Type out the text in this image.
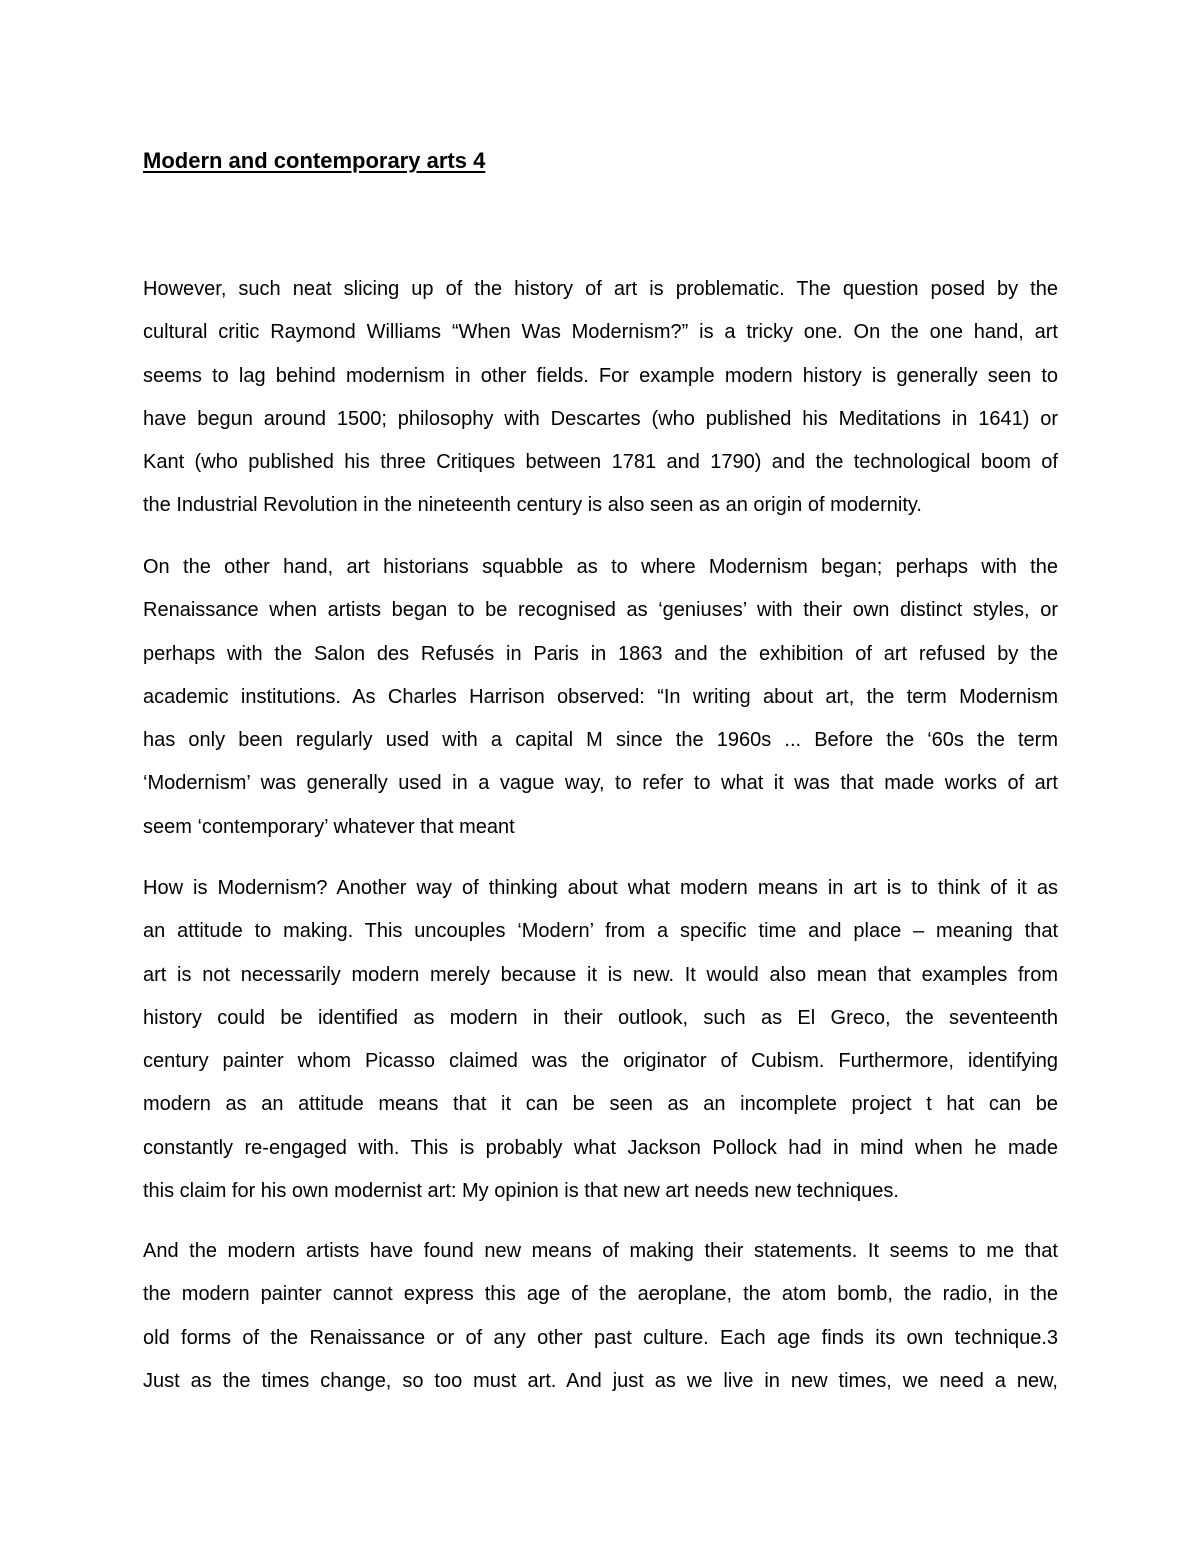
Modern and contemporary arts 4
However, such neat slicing up of the history of art is problematic. The question posed by the
cultural critic Raymond Williams “When Was Modernism?” is a tricky one. On the one hand, art
seems to lag behind modernism in other fields. For example modern history is generally seen to
have begun around 1500; philosophy with Descartes (who published his Meditations in 1641) or
Kant (who published his three Critiques between 1781 and 1790) and the technological boom of
the Industrial Revolution in the nineteenth century is also seen as an origin of modernity.
On the other hand, art historians squabble as to where Modernism began; perhaps with the
Renaissance when artists began to be recognised as ‘geniuses’ with their own distinct styles, or
perhaps with the Salon des Refusés in Paris in 1863 and the exhibition of art refused by the
academic institutions. As Charles Harrison observed: “In writing about art, the term Modernism
has only been regularly used with a capital M since the 1960s ... Before the ‘60s the term
‘Modernism’ was generally used in a vague way, to refer to what it was that made works of art
seem ‘contemporary’ whatever that meant
How is Modernism? Another way of thinking about what modern means in art is to think of it as
an attitude to making. This uncouples ‘Modern’ from a specific time and place – meaning that
art is not necessarily modern merely because it is new. It would also mean that examples from
history could be identified as modern in their outlook, such as El Greco, the seventeenth
century painter whom Picasso claimed was the originator of Cubism. Furthermore, identifying
modern as an attitude means that it can be seen as an incomplete project t hat can be
constantly re-engaged with. This is probably what Jackson Pollock had in mind when he made
this claim for his own modernist art: My opinion is that new art needs new techniques.
And the modern artists have found new means of making their statements. It seems to me that
the modern painter cannot express this age of the aeroplane, the atom bomb, the radio, in the
old forms of the Renaissance or of any other past culture. Each age finds its own technique.3
Just as the times change, so too must art. And just as we live in new times, we need a new,
